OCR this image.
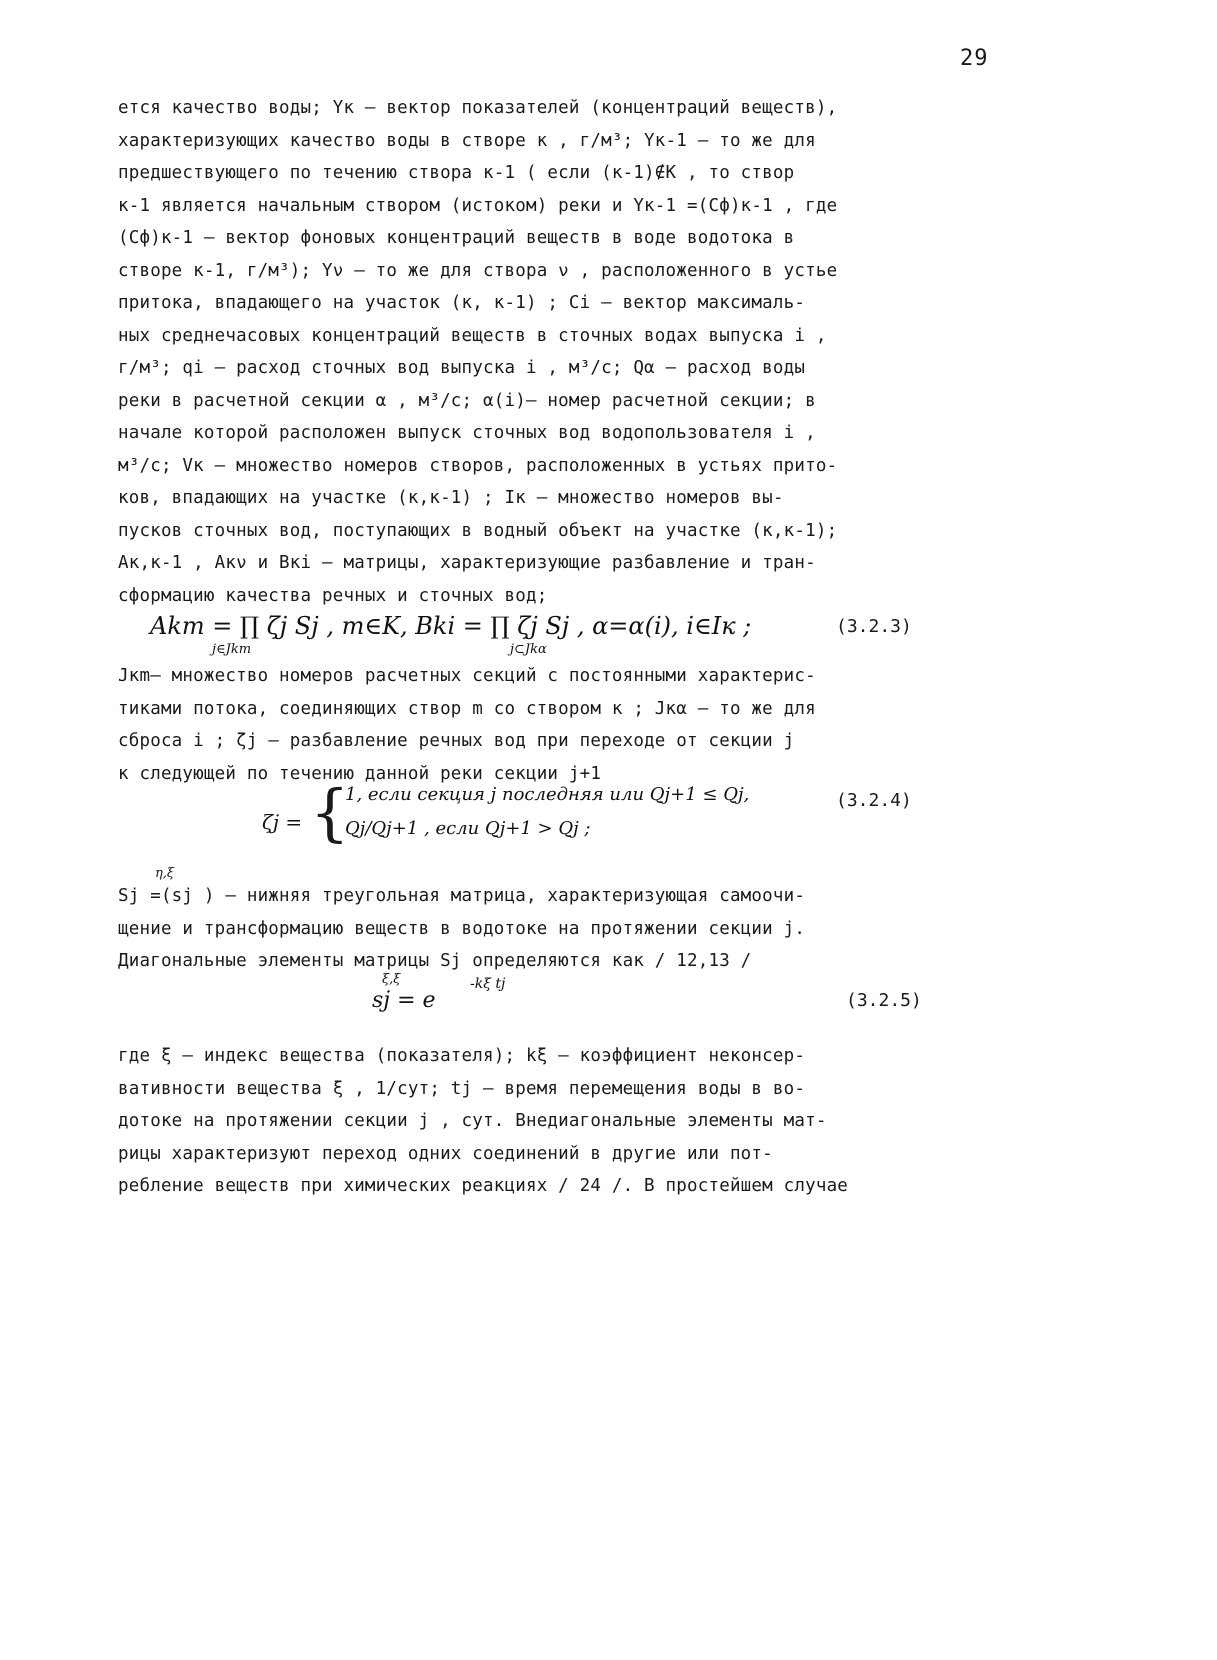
29
ется качество воды; Yк – вектор показателей (концентраций веществ),
характеризующих качество воды в створе к , г/м³; Yк-1 – то же для
предшествующего по течению створа к-1 ( если (к-1)∉K , то створ
к-1 является начальным створом (истоком) реки и Yк-1 =(Сф)к-1 , где
(Сф)к-1 – вектор фоновых концентраций веществ в воде водотока в
створе к-1, г/м³); Yν – то же для створа ν , расположенного в устье
притока, впадающего на участок (к, к-1) ; Сi – вектор максималь-
ных среднечасовых концентраций веществ в сточных водах выпуска i ,
г/м³; qi – расход сточных вод выпуска i , м³/с; Qα – расход воды
реки в расчетной секции α , м³/с; α(i)– номер расчетной секции; в
начале которой расположен выпуск сточных вод водопользователя i ,
м³/с; Vк – множество номеров створов, расположенных в устьях прито-
ков, впадающих на участке (к,к-1) ; Iк – множество номеров вы-
пусков сточных вод, поступающих в водный объект на участке (к,к-1);
Aк,к-1 , Aкν и Bкi – матрицы, характеризующие разбавление и тран-
сформацию качества речных и сточных вод;
Akm = ∏ ζj Sj , m∈K, Bki = ∏ ζj Sj , α=α(i), i∈Iк ;
j∈Jkm	j⊂Jkα
(3.2.3)
Jкm– множество номеров расчетных секций с постоянными характерис-
тиками потока, соединяющих створ m со створом к ; Jкα – то же для
сброса i ; ζj – разбавление речных вод при переходе от секции j
к следующей по течению данной реки секции j+1
ζj = {
1, если секция j последняя или Qj+1 ≤ Qj,
Qj/Qj+1 , если Qj+1 > Qj ;
(3.2.4)
Sj =(sj ) – нижняя треугольная матрица, характеризующая самоочи-
щение и трансформацию веществ в водотоке на протяжении секции j.
Диагональные элементы матрицы Sj определяются как / 12,13 /
η,ξ
sj = e
ξ,ξ	-kξ tj
(3.2.5)
где ξ – индекс вещества (показателя); kξ – коэффициент неконсер-
вативности вещества ξ , 1/сут; tj – время перемещения воды в во-
дотоке на протяжении секции j , сут. Внедиагональные элементы мат-
рицы характеризуют переход одних соединений в другие или пот-
ребление веществ при химических реакциях / 24 /. В простейшем случае
